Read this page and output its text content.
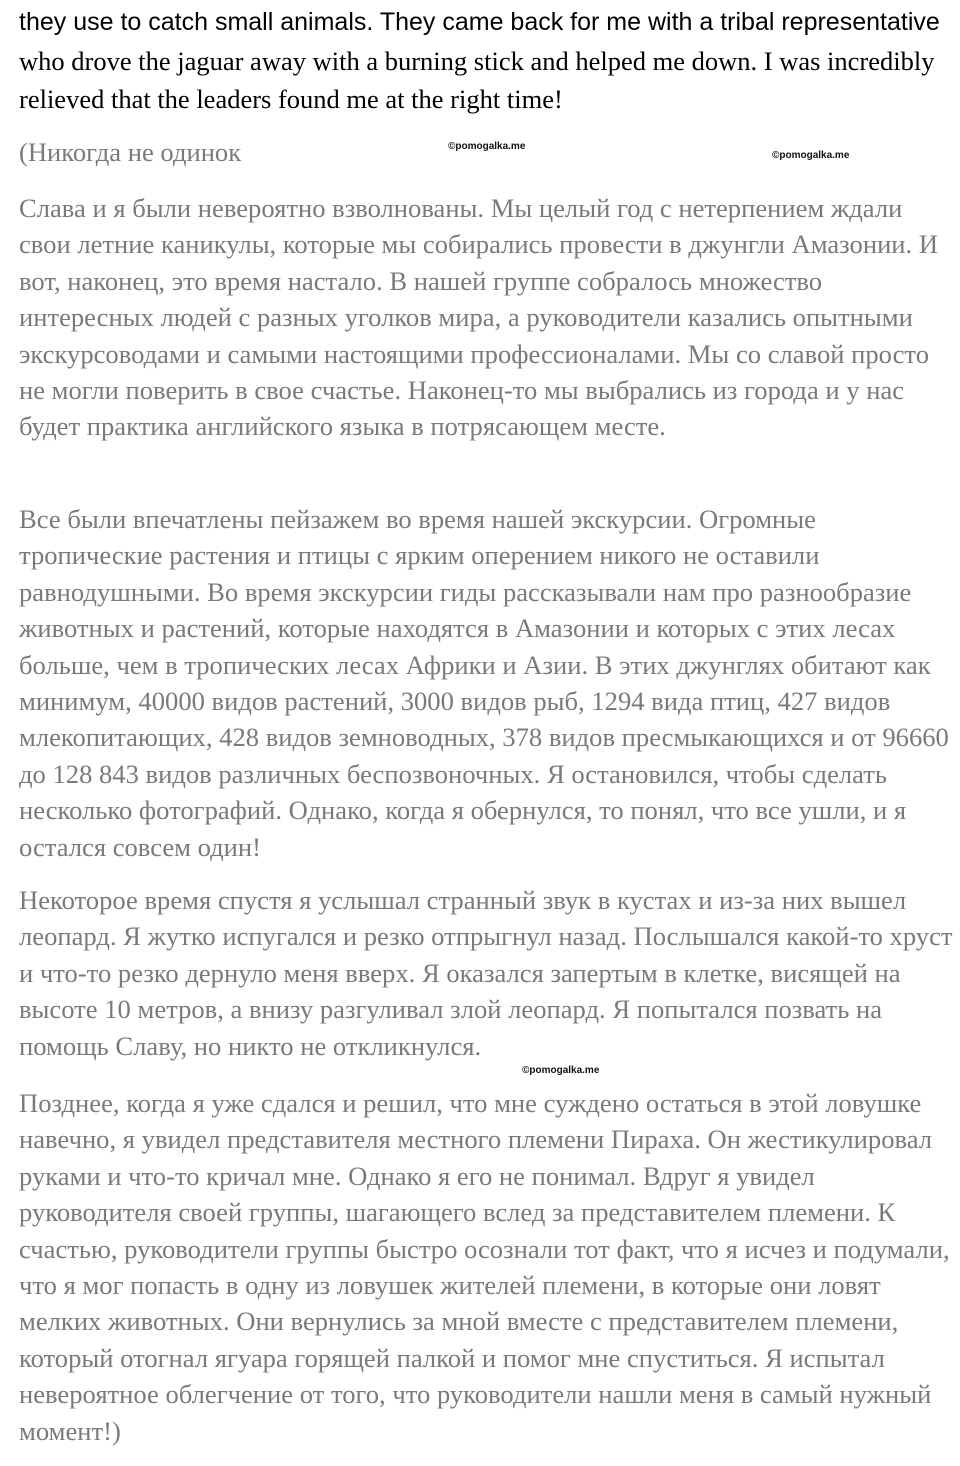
they use to catch small animals. They came back for me with a tribal representative who drove the jaguar away with a burning stick and helped me down. I was incredibly relieved that the leaders found me at the right time!

(Никогда не одинок

Слава и я были невероятно взволнованы. Мы целый год с нетерпением ждали свои летние каникулы, которые мы собирались провести в джунгли Амазонии. И вот, наконец, это время настало. В нашей группе собралось множество интересных людей с разных уголков мира, а руководители казались опытными экскурсоводами и самыми настоящими профессионалами. Мы со славой просто не могли поверить в свое счастье. Наконец-то мы выбрались из города и у нас будет практика английского языка в потрясающем месте.

Все были впечатлены пейзажем во время нашей экскурсии. Огромные тропические растения и птицы с ярким оперением никого не оставили равнодушными. Во время экскурсии гиды рассказывали нам про разнообразие животных и растений, которые находятся в Амазонии и которых с этих лесах больше, чем в тропических лесах Африки и Азии. В этих джунглях обитают как минимум, 40000 видов растений, 3000 видов рыб, 1294 вида птиц, 427 видов млекопитающих, 428 видов земноводных, 378 видов пресмыкающихся и от 96660 до 128 843 видов различных беспозвоночных. Я остановился, чтобы сделать несколько фотографий. Однако, когда я обернулся, то понял, что все ушли, и я остался совсем один!

Некоторое время спустя я услышал странный звук в кустах и из-за них вышел леопард. Я жутко испугался и резко отпрыгнул назад. Послышался какой-то хруст и что-то резко дернуло меня вверх. Я оказался запертым в клетке, висящей на высоте 10 метров, а внизу разгуливал злой леопард. Я попытался позвать на помощь Славу, но никто не откликнулся.

Позднее, когда я уже сдался и решил, что мне суждено остаться в этой ловушке навечно, я увидел представителя местного племени Пираха. Он жестикулировал руками и что-то кричал мне. Однако я его не понимал. Вдруг я увидел руководителя своей группы, шагающего вслед за представителем племени. К счастью, руководители группы быстро осознали тот факт, что я исчез и подумали, что я мог попасть в одну из ловушек жителей племени, в которые они ловят мелких животных. Они вернулись за мной вместе с представителем племени, который отогнал ягуара горящей палкой и помог мне спуститься. Я испытал невероятное облегчение от того, что руководители нашли меня в самый нужный момент!)

©pomogalka.me
©pomogalka.me
©pomogalka.me
